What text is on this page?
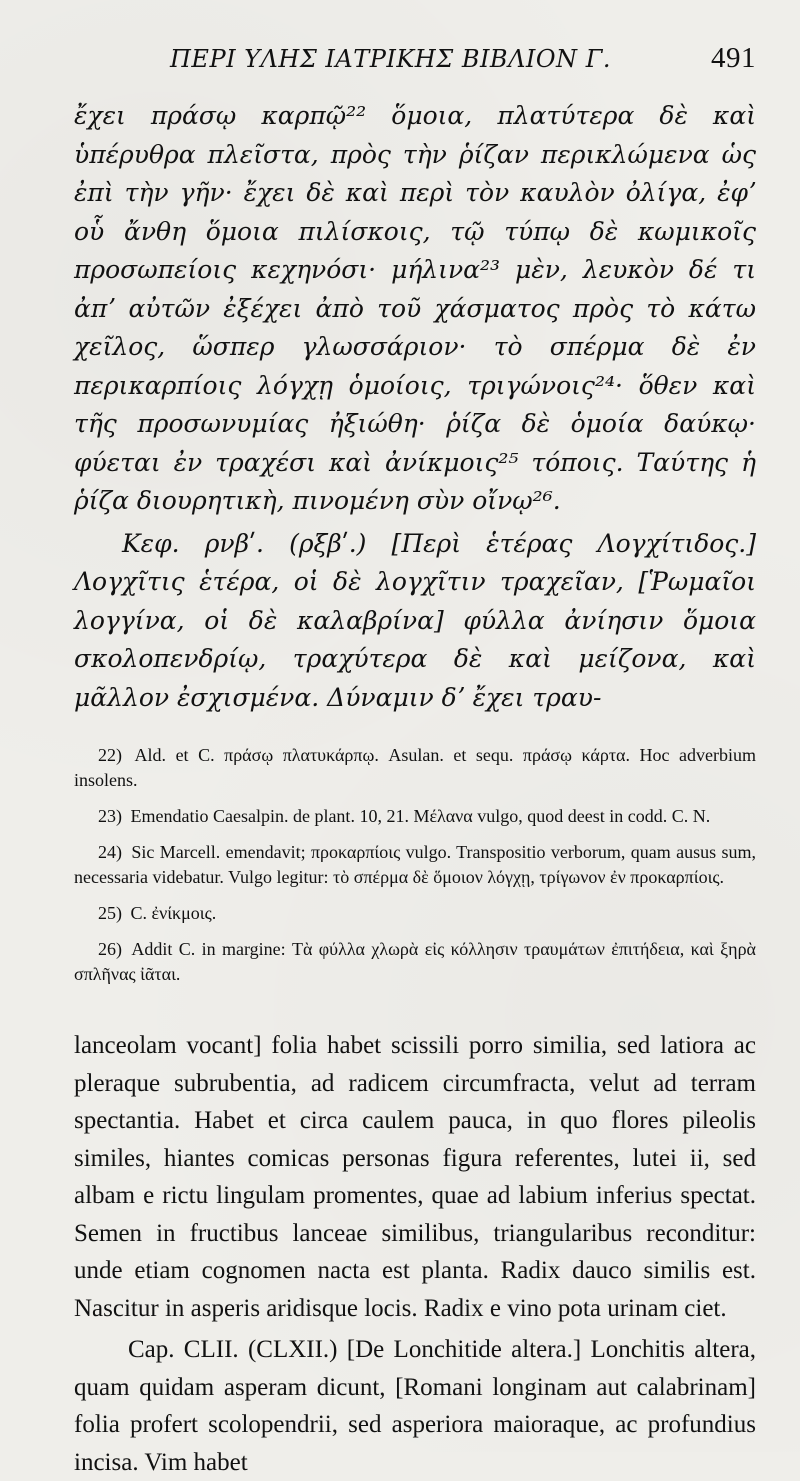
ΠΕΡΙ ΥΛΗΣ ΙΑΤΡΙΚΗΣ ΒΙΒΛΙΟΝ Γ.	491

ἔχει πράσῳ καρπῷ²² ὅμοια, πλατύτερα δὲ καὶ ὑπέρυθρα πλεῖστα, πρὸς τὴν ῥίζαν περικλώμενα ὡς ἐπὶ τὴν γῆν· ἔχει δὲ καὶ περὶ τὸν καυλὸν ὀλίγα, ἐφʼ οὗ ἄνθη ὅμοια πιλίσκοις, τῷ τύπῳ δὲ κωμικοῖς προσωπείοις κεχηνόσι· μήλινα²³ μὲν, λευκὸν δέ τι ἀπʼ αὐτῶν ἐξέχει ἀπὸ τοῦ χάσματος πρὸς τὸ κάτω χεῖλος, ὥσπερ γλωσσάριον· τὸ σπέρμα δὲ ἐν περικαρπίοις λόγχῃ ὁμοίοις, τριγώνοις²⁴· ὅθεν καὶ τῆς προσωνυμίας ἠξιώθη· ῥίζα δὲ ὁμοία δαύκῳ· φύεται ἐν τραχέσι καὶ ἀνίκμοις²⁵ τόποις. Ταύτης ἡ ῥίζα διουρητικὴ, πινομένη σὺν οἴνῳ²⁶.

Κεφ. ρνβʹ. (ρξβʹ.) [Περὶ ἑτέρας Λογχίτιδος.] Λογχῖτις ἑτέρα, οἱ δὲ λογχῖτιν τραχεῖαν, [Ῥωμαῖοι λογγίνα, οἱ δὲ καλαβρίνα] φύλλα ἀνίησιν ὅμοια σκολοπενδρίῳ, τραχύτερα δὲ καὶ μείζονα, καὶ μᾶλλον ἐσχισμένα. Δύναμιν δʼ ἔχει τραυ-

22) Ald. et C. πράσῳ πλατυκάρπῳ. Asulan. et sequ. πράσῳ κάρτα. Hoc adverbium insolens.

23) Emendatio Caesalpin. de plant. 10, 21. Μέλανα vulgo, quod deest in codd. C. N.

24) Sic Marcell. emendavit; προκαρπίοις vulgo. Transpositio verborum, quam ausus sum, necessaria videbatur. Vulgo legitur: τὸ σπέρμα δὲ ὅμοιον λόγχῃ, τρίγωνον ἐν προκαρπίοις.

25) C. ἐνίκμοις.

26) Addit C. in margine: Τὰ φύλλα χλωρὰ εἰς κόλλησιν τραυμάτων ἐπιτήδεια, καὶ ξηρὰ σπλῆνας ἰᾶται.

lanceolam vocant] folia habet scissili porro similia, sed latiora ac pleraque subrubentia, ad radicem circumfracta, velut ad terram spectantia. Habet et circa caulem pauca, in quo flores pileolis similes, hiantes comicas personas figura referentes, lutei ii, sed albam e rictu lingulam promentes, quae ad labium inferius spectat. Semen in fructibus lanceae similibus, triangularibus reconditur: unde etiam cognomen nacta est planta. Radix dauco similis est. Nascitur in asperis aridisque locis. Radix e vino pota urinam ciet.

Cap. CLII. (CLXII.) [De Lonchitide altera.] Lonchitis altera, quam quidam asperam dicunt, [Romani longinam aut calabrinam] folia profert scolopendrii, sed asperiora maioraque, ac profundius incisa. Vim habet
